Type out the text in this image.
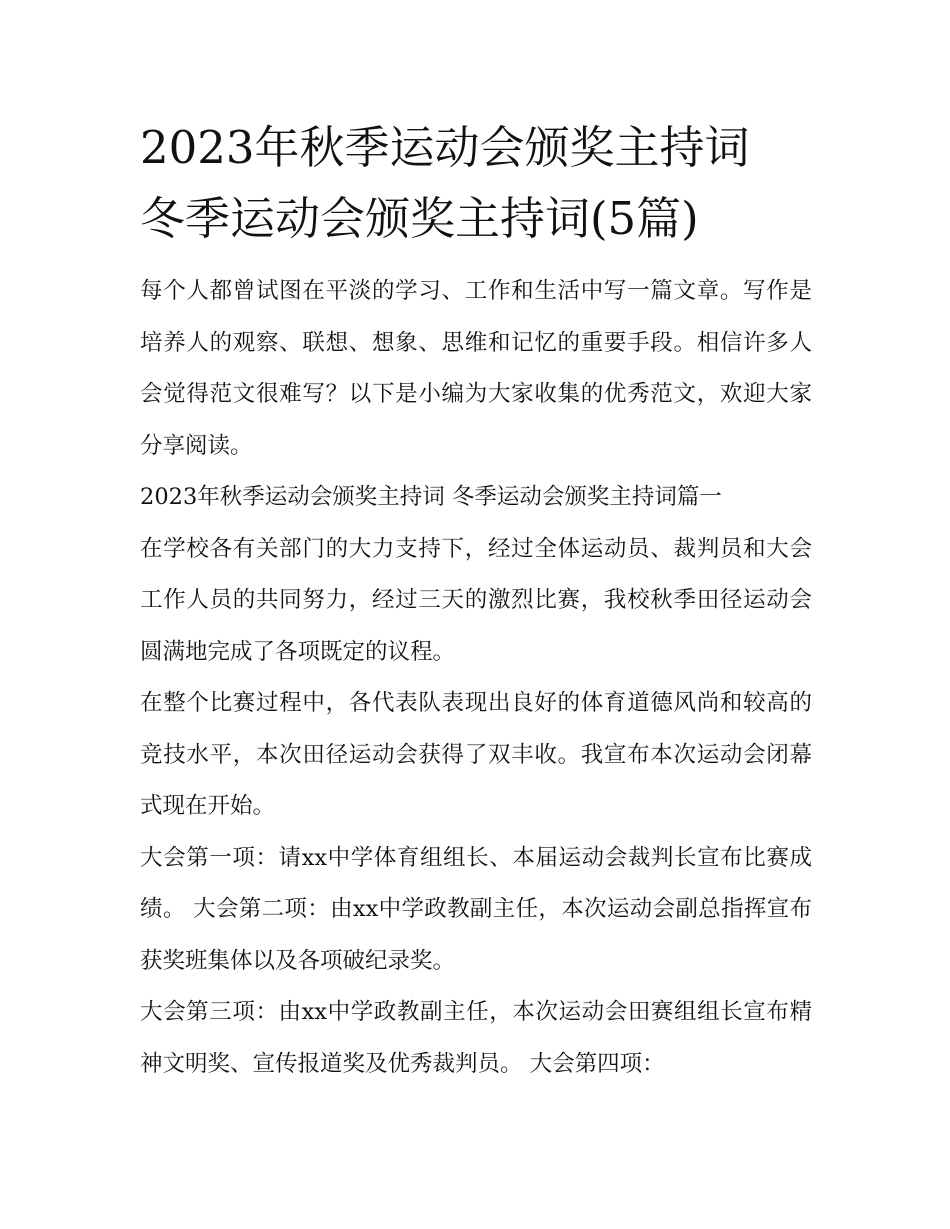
2023年秋季运动会颁奖主持词
冬季运动会颁奖主持词(5篇)

每个人都曾试图在平淡的学习、工作和生活中写一篇文章。写作是培养人的观察、联想、想象、思维和记忆的重要手段。相信许多人会觉得范文很难写？以下是小编为大家收集的优秀范文，欢迎大家分享阅读。

2023年秋季运动会颁奖主持词 冬季运动会颁奖主持词篇一

在学校各有关部门的大力支持下，经过全体运动员、裁判员和大会工作人员的共同努力，经过三天的激烈比赛，我校秋季田径运动会圆满地完成了各项既定的议程。

在整个比赛过程中，各代表队表现出良好的体育道德风尚和较高的竞技水平，本次田径运动会获得了双丰收。我宣布本次运动会闭幕式现在开始。

大会第一项：请xx中学体育组组长、本届运动会裁判长宣布比赛成绩。 大会第二项：由xx中学政教副主任，本次运动会副总指挥宣布获奖班集体以及各项破纪录奖。

大会第三项：由xx中学政教副主任，本次运动会田赛组组长宣布精神文明奖、宣传报道奖及优秀裁判员。 大会第四项：
